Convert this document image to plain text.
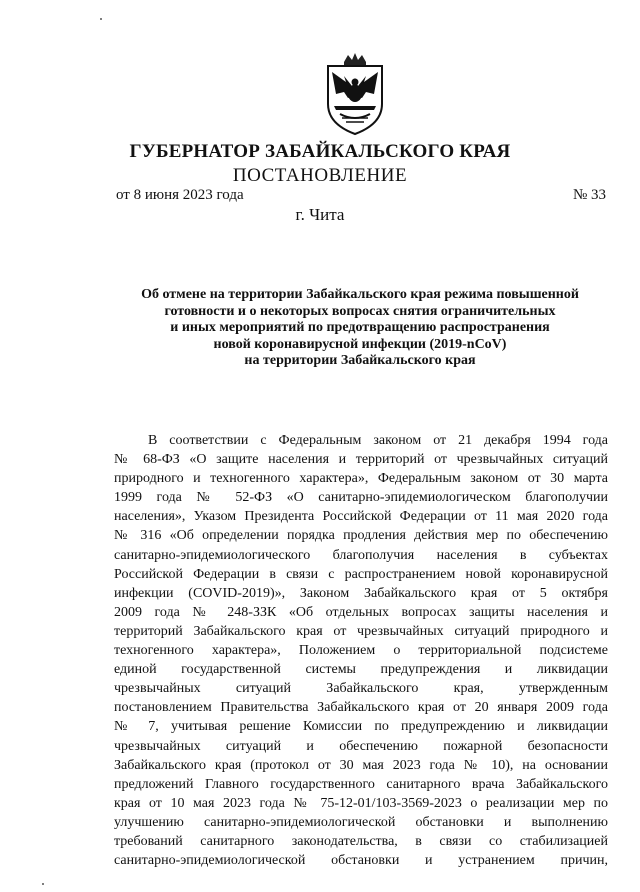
ГУБЕРНАТОР ЗАБАЙКАЛЬСКОГО КРАЯ
ПОСТАНОВЛЕНИЕ
от 8 июня 2023 года	№ 33
г. Чита
Об отмене на территории Забайкальского края режима повышенной
готовности и о некоторых вопросах снятия ограничительных
и иных мероприятий по предотвращению распространения
новой коронавирусной инфекции (2019-nCoV)
на территории Забайкальского края
В соответствии с Федеральным законом от 21 декабря 1994 года
№ 68-ФЗ «О защите населения и территорий от чрезвычайных ситуаций
природного и техногенного характера», Федеральным законом от 30 марта
1999 года № 52-ФЗ «О санитарно-эпидемиологическом благополучии
населения», Указом Президента Российской Федерации от 11 мая 2020 года
№ 316 «Об определении порядка продления действия мер по обеспечению
санитарно-эпидемиологического благополучия населения в субъектах
Российской Федерации в связи с распространением новой коронавирусной
инфекции (COVID-2019)», Законом Забайкальского края от 5 октября
2009 года № 248-ЗЗК «Об отдельных вопросах защиты населения и
территорий Забайкальского края от чрезвычайных ситуаций природного и
техногенного характера», Положением о территориальной подсистеме
единой государственной системы предупреждения и ликвидации
чрезвычайных ситуаций Забайкальского края, утвержденным
постановлением Правительства Забайкальского края от 20 января 2009 года
№ 7, учитывая решение Комиссии по предупреждению и ликвидации
чрезвычайных ситуаций и обеспечению пожарной безопасности
Забайкальского края (протокол от 30 мая 2023 года № 10), на основании
предложений Главного государственного санитарного врача Забайкальского
края от 10 мая 2023 года № 75-12-01/103-3569-2023 о реализации мер по
улучшению санитарно-эпидемиологической обстановки и выполнению
требований санитарного законодательства, в связи со стабилизацией
санитарно-эпидемиологической обстановки и устранением причин,
